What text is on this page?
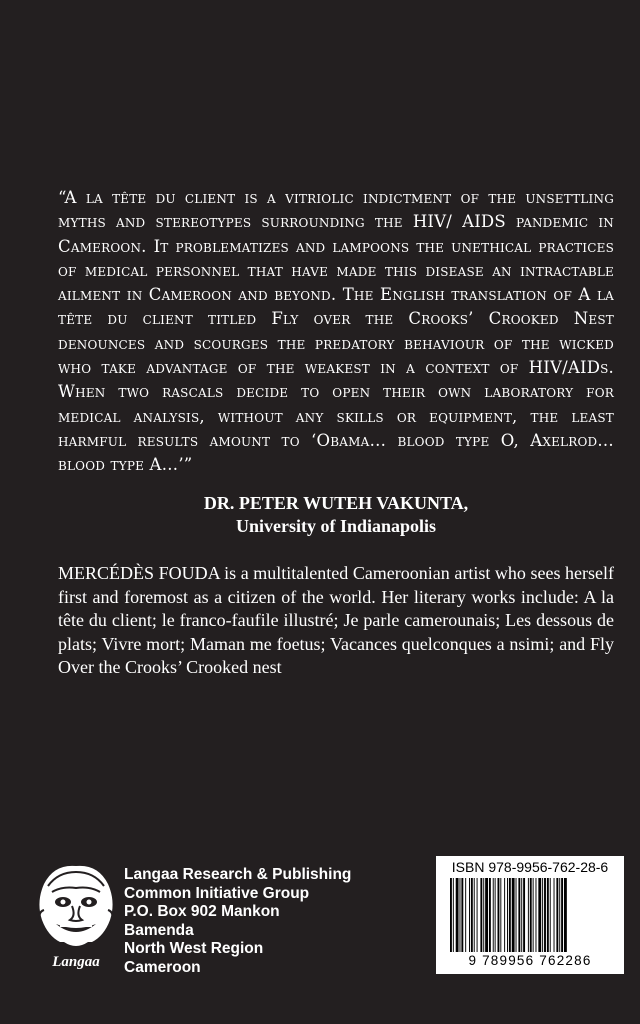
“A la tête du client is a vitriolic indictment of the unsettling myths and stereotypes surrounding the HIV/ AIDS pandemic in Cameroon. It problematizes and lampoons the unethical practices of medical personnel that have made this disease an intractable ailment in Cameroon and beyond. The English translation of A la tête du client titled Fly over the Crooks’ Crooked Nest denounces and scourges the predatory behaviour of the wicked who take advantage of the weakest in a context of HIV/AIDs. When two rascals decide to open their own laboratory for medical analysis, without any skills or equipment, the least harmful results amount to ‘Obama… blood type O, Axelrod…blood type A…’”

DR. PETER WUTEH VAKUNTA,
University of Indianapolis
MERCÉDÈS FOUDA is a multitalented Cameroonian artist who sees herself first and foremost as a citizen of the world. Her literary works include: A la tête du client; le franco-faufile illustré; Je parle camerounais; Les dessous de plats; Vivre mort; Maman me foetus; Vacances quelconques a nsimi; and Fly Over the Crooks’ Crooked nest
Langaa
Langaa Research & Publishing
Common Initiative Group
P.O. Box 902 Mankon
Bamenda
North West Region
Cameroon
ISBN 978-9956-762-28-6
9 789956 762286
